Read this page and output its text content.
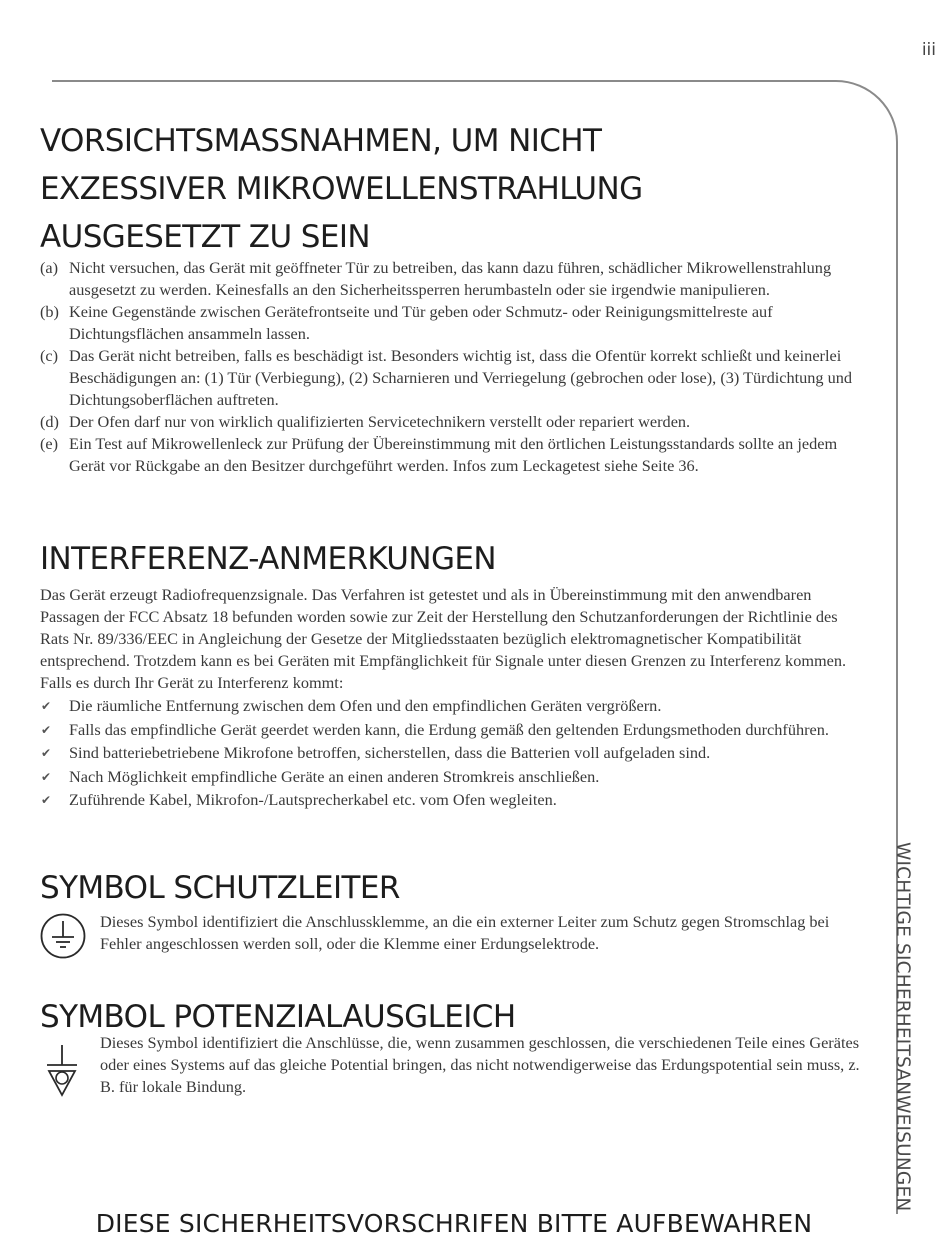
iii
WICHTIGE SICHERHEITSANWEISUNGEN
VORSICHTSMASSNAHMEN, UM NICHT
EXZESSIVER MIKROWELLENSTRAHLUNG
AUSGESETZT ZU SEIN
(a) Nicht versuchen, das Gerät mit geöffneter Tür zu betreiben, das kann dazu führen, schädlicher Mikrowellenstrahlung ausgesetzt zu werden. Keinesfalls an den Sicherheitssperren herumbasteln oder sie irgendwie manipulieren.
(b) Keine Gegenstände zwischen Gerätefrontseite und Tür geben oder Schmutz- oder Reinigungsmittelreste auf Dichtungsflächen ansammeln lassen.
(c) Das Gerät nicht betreiben, falls es beschädigt ist. Besonders wichtig ist, dass die Ofentür korrekt schließt und keinerlei Beschädigungen an: (1) Tür (Verbiegung), (2) Scharnieren und Verriegelung (gebrochen oder lose), (3) Türdichtung und Dichtungsoberflächen auftreten.
(d) Der Ofen darf nur von wirklich qualifizierten Servicetechnikern verstellt oder repariert werden.
(e) Ein Test auf Mikrowellenleck zur Prüfung der Übereinstimmung mit den örtlichen Leistungsstandards sollte an jedem Gerät vor Rückgabe an den Besitzer durchgeführt werden. Infos zum Leckagetest siehe Seite 36.
INTERFERENZ-ANMERKUNGEN

Das Gerät erzeugt Radiofrequenzsignale. Das Verfahren ist getestet und als in Übereinstimmung mit den anwendbaren Passagen der FCC Absatz 18 befunden worden sowie zur Zeit der Herstellung den Schutzanforderungen der Richtlinie des Rats Nr. 89/336/EEC in Angleichung der Gesetze der Mitgliedsstaaten bezüglich elektromagnetischer Kompatibilität entsprechend. Trotzdem kann es bei Geräten mit Empfänglichkeit für Signale unter diesen Grenzen zu Interferenz kommen.

Falls es durch Ihr Gerät zu Interferenz kommt:

✔ Die räumliche Entfernung zwischen dem Ofen und den empfindlichen Geräten vergrößern.
✔ Falls das empfindliche Gerät geerdet werden kann, die Erdung gemäß den geltenden Erdungsmethoden durchführen.
✔ Sind batteriebetriebene Mikrofone betroffen, sicherstellen, dass die Batterien voll aufgeladen sind.
✔ Nach Möglichkeit empfindliche Geräte an einen anderen Stromkreis anschließen.
✔ Zuführende Kabel, Mikrofon-/Lautsprecherkabel etc. vom Ofen wegleiten.
SYMBOL SCHUTZLEITER

Dieses Symbol identifiziert die Anschlussklemme, an die ein externer Leiter zum Schutz gegen Stromschlag bei Fehler angeschlossen werden soll, oder die Klemme einer Erdungselektrode.

SYMBOL POTENZIALAUSGLEICH

Dieses Symbol identifiziert die Anschlüsse, die, wenn zusammen geschlossen, die verschiedenen Teile eines Gerätes oder eines Systems auf das gleiche Potential bringen, das nicht notwendigerweise das Erdungspotential sein muss, z. B. für lokale Bindung.

DIESE SICHERHEITSVORSCHRIFEN BITTE AUFBEWAHREN
